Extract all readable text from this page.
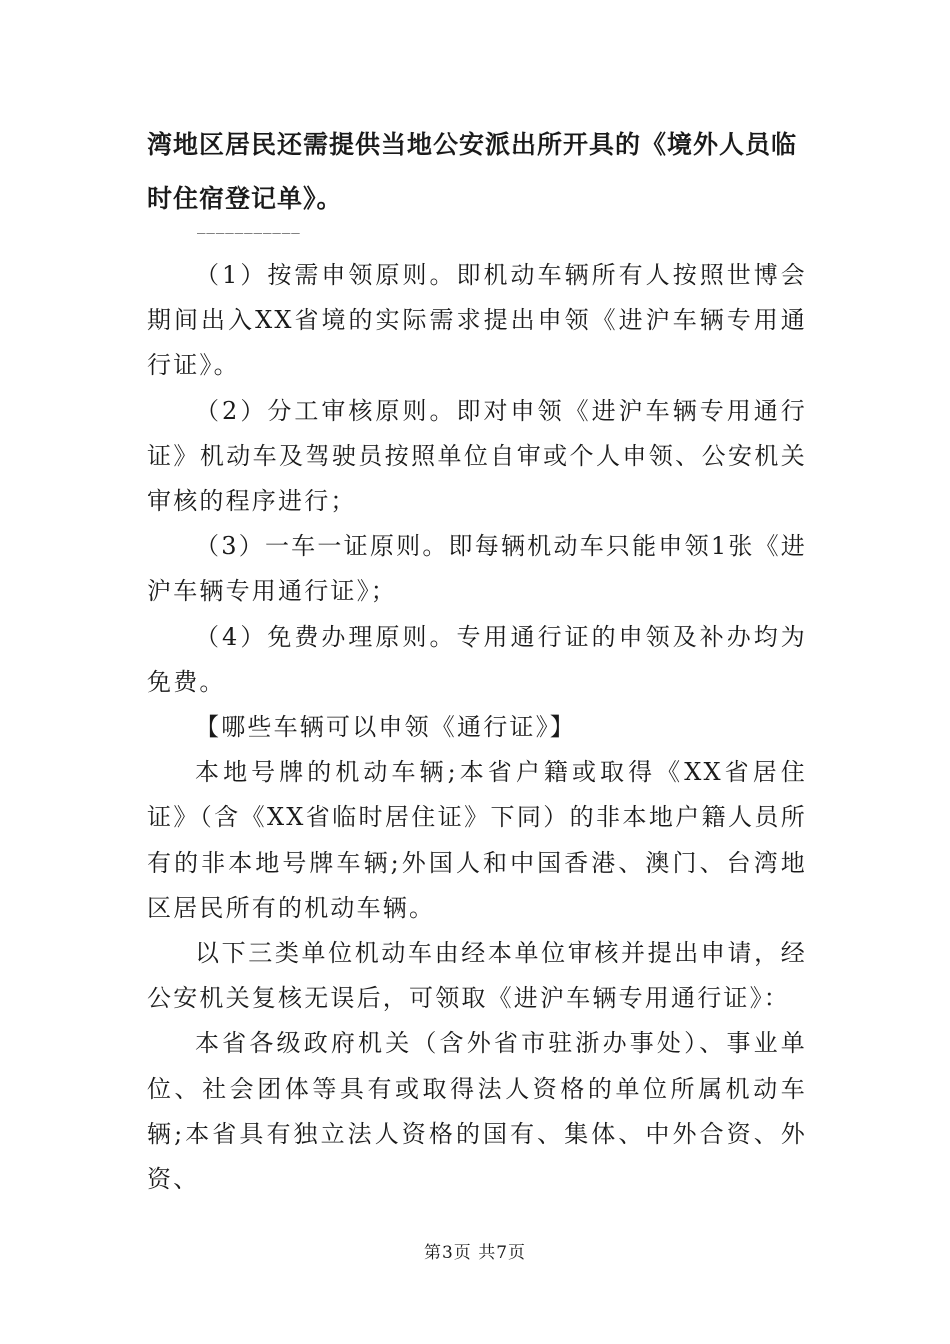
湾地区居民还需提供当地公安派出所开具的《境外人员临时住宿登记单》。

___________

（1）按需申领原则。即机动车辆所有人按照世博会期间出入XX省境的实际需求提出申领《进沪车辆专用通行证》。

（2）分工审核原则。即对申领《进沪车辆专用通行证》机动车及驾驶员按照单位自审或个人申领、公安机关审核的程序进行；

（3）一车一证原则。即每辆机动车只能申领1张《进沪车辆专用通行证》；

（4）免费办理原则。专用通行证的申领及补办均为免费。

【哪些车辆可以申领《通行证》】

本地号牌的机动车辆;本省户籍或取得《XX省居住证》（含《XX省临时居住证》下同）的非本地户籍人员所有的非本地号牌车辆;外国人和中国香港、澳门、台湾地区居民所有的机动车辆。

以下三类单位机动车由经本单位审核并提出申请，经公安机关复核无误后，可领取《进沪车辆专用通行证》：

本省各级政府机关（含外省市驻浙办事处）、事业单位、社会团体等具有或取得法人资格的单位所属机动车辆;本省具有独立法人资格的国有、集体、中外合资、外资、

第3页 共7页
